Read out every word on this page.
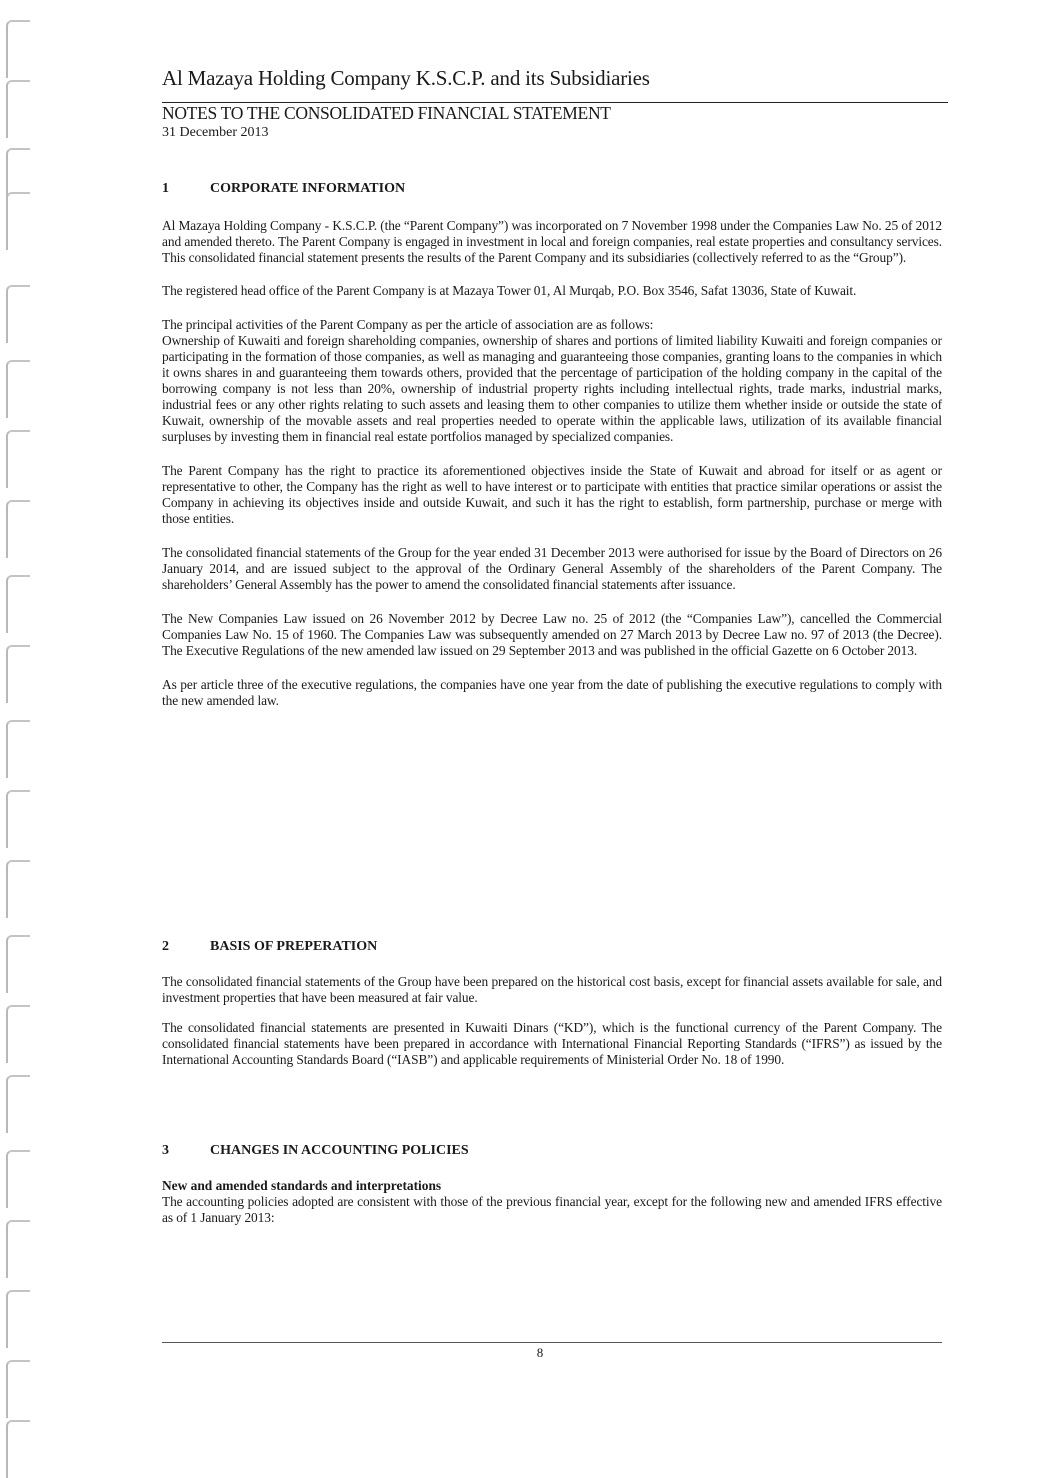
Al Mazaya Holding Company K.S.C.P. and its Subsidiaries
NOTES TO THE CONSOLIDATED FINANCIAL STATEMENT
31 December 2013
1	CORPORATE INFORMATION

Al Mazaya Holding Company - K.S.C.P. (the “Parent Company”) was incorporated on 7 November 1998 under the Companies Law No. 25 of 2012 and amended thereto. The Parent Company is engaged in investment in local and foreign companies, real estate properties and consultancy services. This consolidated financial statement presents the results of the Parent Company and its subsidiaries (collectively referred to as the “Group”).

The registered head office of the Parent Company is at Mazaya Tower 01, Al Murqab, P.O. Box 3546, Safat 13036, State of Kuwait.

The principal activities of the Parent Company as per the article of association are as follows:

Ownership of Kuwaiti and foreign shareholding companies, ownership of shares and portions of limited liability Kuwaiti and foreign companies or participating in the formation of those companies, as well as managing and guaranteeing those companies, granting loans to the companies in which it owns shares in and guaranteeing them towards others, provided that the percentage of participation of the holding company in the capital of the borrowing company is not less than 20%, ownership of industrial property rights including intellectual rights, trade marks, industrial marks, industrial fees or any other rights relating to such assets and leasing them to other companies to utilize them whether inside or outside the state of Kuwait, ownership of the movable assets and real properties needed to operate within the applicable laws, utilization of its available financial surpluses by investing them in financial real estate portfolios managed by specialized companies.

The Parent Company has the right to practice its aforementioned objectives inside the State of Kuwait and abroad for itself or as agent or representative to other, the Company has the right as well to have interest or to participate with entities that practice similar operations or assist the Company in achieving its objectives inside and outside Kuwait, and such it has the right to establish, form partnership, purchase or merge with those entities.

The consolidated financial statements of the Group for the year ended 31 December 2013 were authorised for issue by the Board of Directors on 26 January 2014, and are issued subject to the approval of the Ordinary General Assembly of the shareholders of the Parent Company. The shareholders’ General Assembly has the power to amend the consolidated financial statements after issuance.

The New Companies Law issued on 26 November 2012 by Decree Law no. 25 of 2012 (the “Companies Law”), cancelled the Commercial Companies Law No. 15 of 1960. The Companies Law was subsequently amended on 27 March 2013 by Decree Law no. 97 of 2013 (the Decree). The Executive Regulations of the new amended law issued on 29 September 2013 and was published in the official Gazette on 6 October 2013.

As per article three of the executive regulations, the companies have one year from the date of publishing the executive regulations to comply with the new amended law.

2	BASIS OF PREPERATION

The consolidated financial statements of the Group have been prepared on the historical cost basis, except for financial assets available for sale, and investment properties that have been measured at fair value.

The consolidated financial statements are presented in Kuwaiti Dinars (“KD”), which is the functional currency of the Parent Company. The consolidated financial statements have been prepared in accordance with International Financial Reporting Standards (“IFRS”) as issued by the International Accounting Standards Board (“IASB”) and applicable requirements of Ministerial Order No. 18 of 1990.

3	CHANGES IN ACCOUNTING POLICIES
New and amended standards and interpretations

The accounting policies adopted are consistent with those of the previous financial year, except for the following new and amended IFRS effective as of 1 January 2013:

8
